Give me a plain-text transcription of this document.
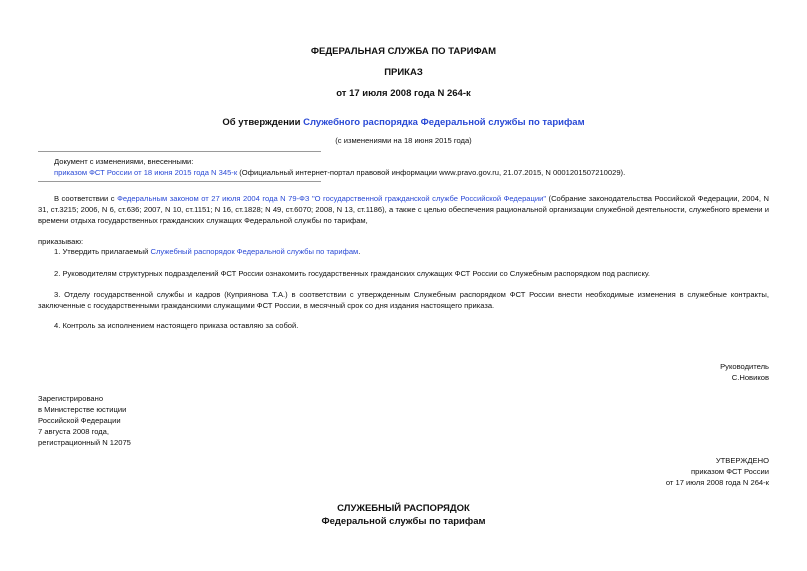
ФЕДЕРАЛЬНАЯ СЛУЖБА ПО ТАРИФАМ
ПРИКАЗ
от 17 июля 2008 года N 264-к
Об утверждении Служебного распорядка Федеральной службы по тарифам
(с изменениями на 18 июня 2015 года)
Документ с изменениями, внесенными:
приказом ФСТ России от 18 июня 2015 года N 345-к (Официальный интернет-портал правовой информации www.pravo.gov.ru, 21.07.2015, N 0001201507210029).
В соответствии с Федеральным законом от 27 июля 2004 года N 79-ФЗ "О государственной гражданской службе Российской Федерации" (Собрание законодательства Российской Федерации, 2004, N 31, ст.3215; 2006, N 6, ст.636; 2007, N 10, ст.1151; N 16, ст.1828; N 49, ст.6070; 2008, N 13, ст.1186), а также с целью обеспечения рациональной организации служебной деятельности, служебного времени и времени отдыха государственных гражданских служащих Федеральной службы по тарифам,
приказываю:
1. Утвердить прилагаемый Служебный распорядок Федеральной службы по тарифам.
2. Руководителям структурных подразделений ФСТ России ознакомить государственных гражданских служащих ФСТ России со Служебным распорядком под расписку.
3. Отделу государственной службы и кадров (Куприянова Т.А.) в соответствии с утвержденным Служебным распорядком ФСТ России внести необходимые изменения в служебные контракты, заключенные с государственными гражданскими служащими ФСТ России, в месячный срок со дня издания настоящего приказа.
4. Контроль за исполнением настоящего приказа оставляю за собой.
Руководитель
С.Новиков
Зарегистрировано
в Министерстве юстиции
Российской Федерации
7 августа 2008 года,
регистрационный N 12075
УТВЕРЖДЕНО
приказом ФСТ России
от 17 июля 2008 года N 264-к
СЛУЖЕБНЫЙ РАСПОРЯДОК
Федеральной службы по тарифам
